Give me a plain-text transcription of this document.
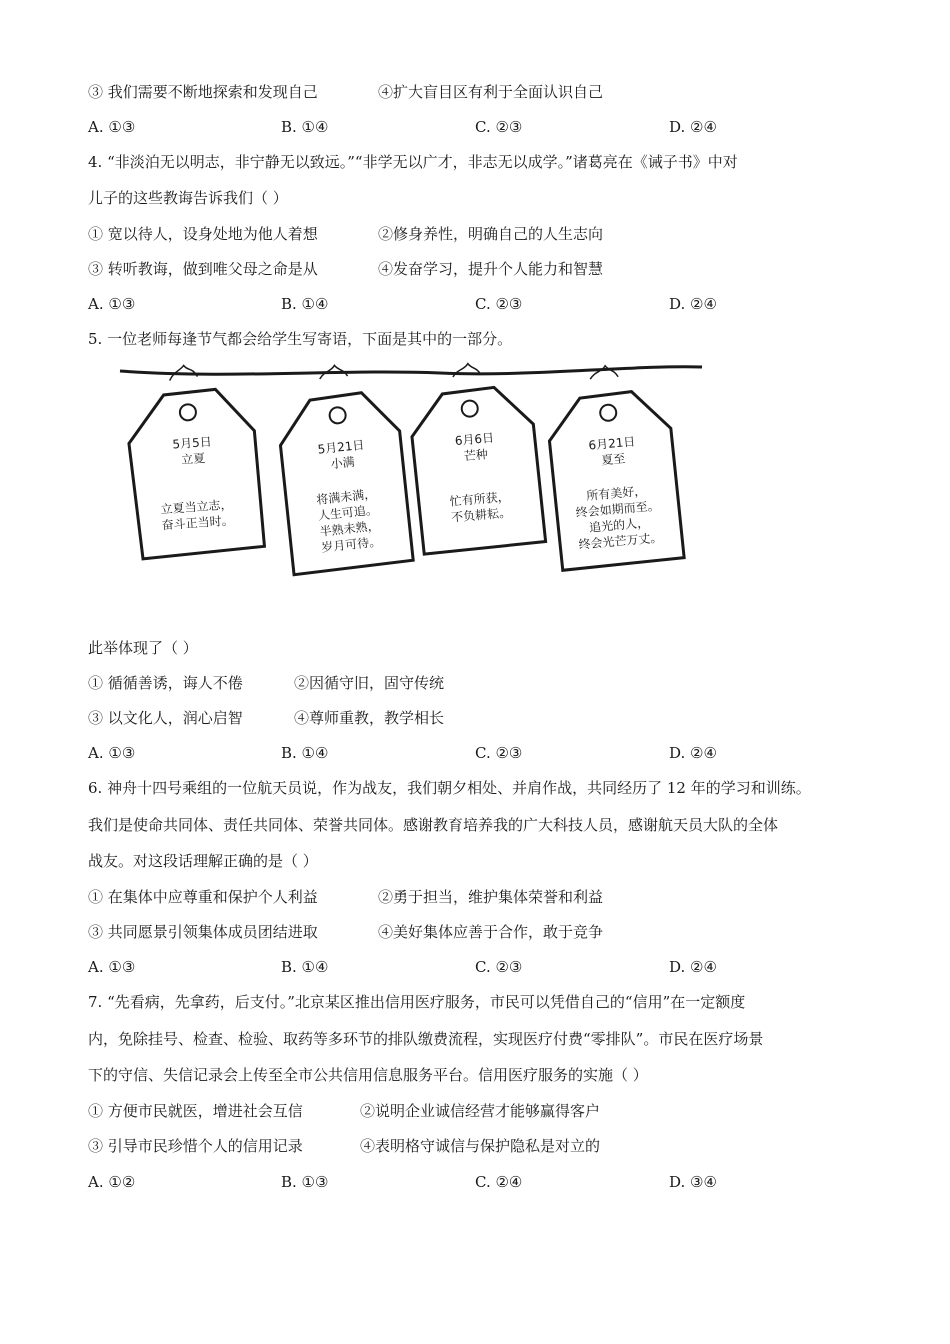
③ 我们需要不断地探索和发现自己	④扩大盲目区有利于全面认识自己
A. ①③	B. ①④	C. ②③	D. ②④
4. “非淡泊无以明志，非宁静无以致远。”“非学无以广才，非志无以成学。”诸葛亮在《诫子书》中对
儿子的这些教诲告诉我们（ ）
① 宽以待人，设身处地为他人着想	②修身养性，明确自己的人生志向
③ 转听教诲，做到唯父母之命是从	④发奋学习，提升个人能力和智慧
A. ①③	B. ①④	C. ②③	D. ②④
5. 一位老师每逢节气都会给学生写寄语，下面是其中的一部分。
5月5日
立夏
立夏当立志，
奋斗正当时。
5月21日
小满
将满未满，
人生可追。
半熟未熟，
岁月可待。
6月6日
芒种
忙有所获，
不负耕耘。
6月21日
夏至
所有美好，
终会如期而至。
追光的人，
终会光芒万丈。
此举体现了（ ）
① 循循善诱，诲人不倦	②因循守旧，固守传统
③ 以文化人，润心启智	④尊师重教，教学相长
A. ①③	B. ①④	C. ②③	D. ②④
6. 神舟十四号乘组的一位航天员说，作为战友，我们朝夕相处、并肩作战，共同经历了 12 年的学习和训练。
我们是使命共同体、责任共同体、荣誉共同体。感谢教育培养我的广大科技人员，感谢航天员大队的全体
战友。对这段话理解正确的是（ ）
① 在集体中应尊重和保护个人利益	②勇于担当，维护集体荣誉和利益
③ 共同愿景引领集体成员团结进取	④美好集体应善于合作，敢于竞争
A. ①③	B. ①④	C. ②③	D. ②④
7. “先看病，先拿药，后支付。”北京某区推出信用医疗服务，市民可以凭借自己的“信用”在一定额度
内，免除挂号、检查、检验、取药等多环节的排队缴费流程，实现医疗付费“零排队”。市民在医疗场景
下的守信、失信记录会上传至全市公共信用信息服务平台。信用医疗服务的实施（ ）
① 方便市民就医，增进社会互信	②说明企业诚信经营才能够赢得客户
③ 引导市民珍惜个人的信用记录	④表明格守诚信与保护隐私是对立的
A. ①②	B. ①③	C. ②④	D. ③④
